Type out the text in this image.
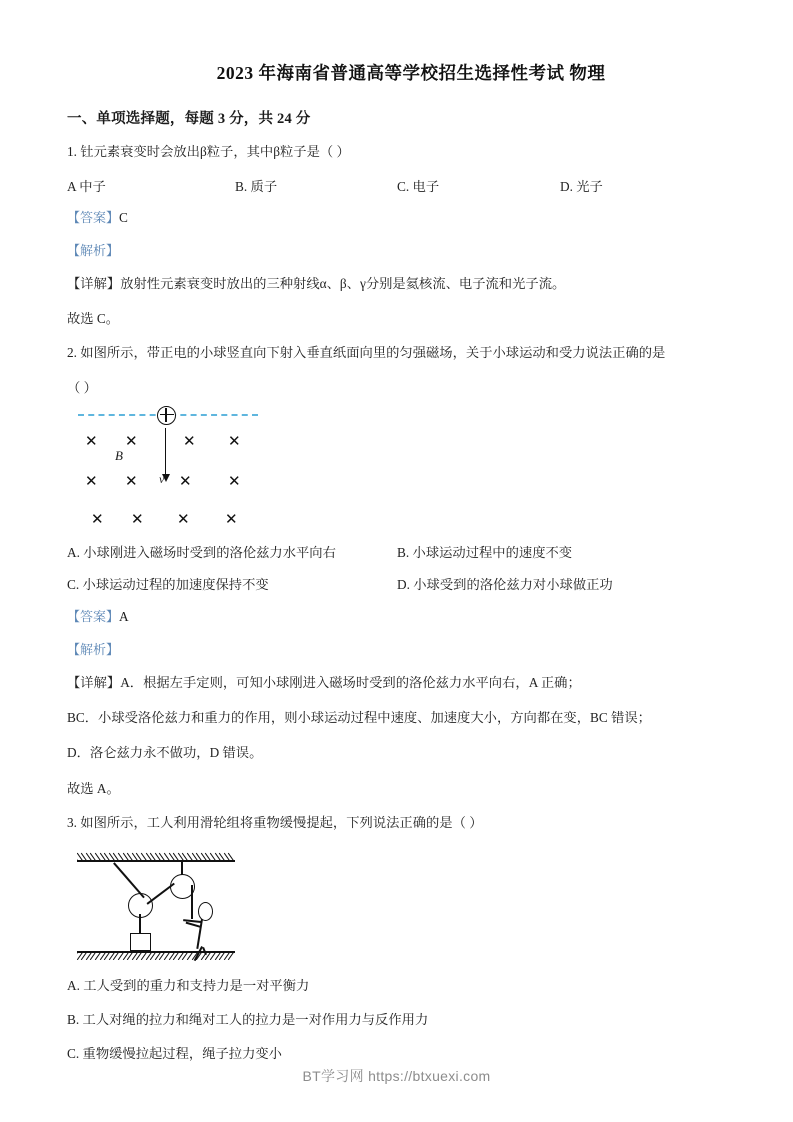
2023 年海南省普通高等学校招生选择性考试 物理
一、单项选择题，每题 3 分，共 24 分
1. 钍元素衰变时会放出β粒子，其中β粒子是（ ）
A 中子	B. 质子	C. 电子	D. 光子
【答案】C
【解析】
【详解】放射性元素衰变时放出的三种射线α、β、γ分别是氦核流、电子流和光子流。
故选 C。
2. 如图所示，带正电的小球竖直向下射入垂直纸面向里的匀强磁场，关于小球运动和受力说法正确的是
（ ）
✕ ✕	✕ ✕
✕ ✕	✕ ✕
✕ ✕ ✕ ✕
B
v
A. 小球刚进入磁场时受到的洛伦兹力水平向右	B. 小球运动过程中的速度不变
C. 小球运动过程的加速度保持不变	D. 小球受到的洛伦兹力对小球做正功
【答案】A
【解析】
【详解】A．根据左手定则，可知小球刚进入磁场时受到的洛伦兹力水平向右，A 正确；
BC．小球受洛伦兹力和重力的作用，则小球运动过程中速度、加速度大小，方向都在变，BC 错误；
D．洛仑兹力永不做功，D 错误。
故选 A。
3. 如图所示，工人利用滑轮组将重物缓慢提起，下列说法正确的是（ ）
A. 工人受到的重力和支持力是一对平衡力
B. 工人对绳的拉力和绳对工人的拉力是一对作用力与反作用力
C. 重物缓慢拉起过程，绳子拉力变小
BT学习网 https://btxuexi.com
